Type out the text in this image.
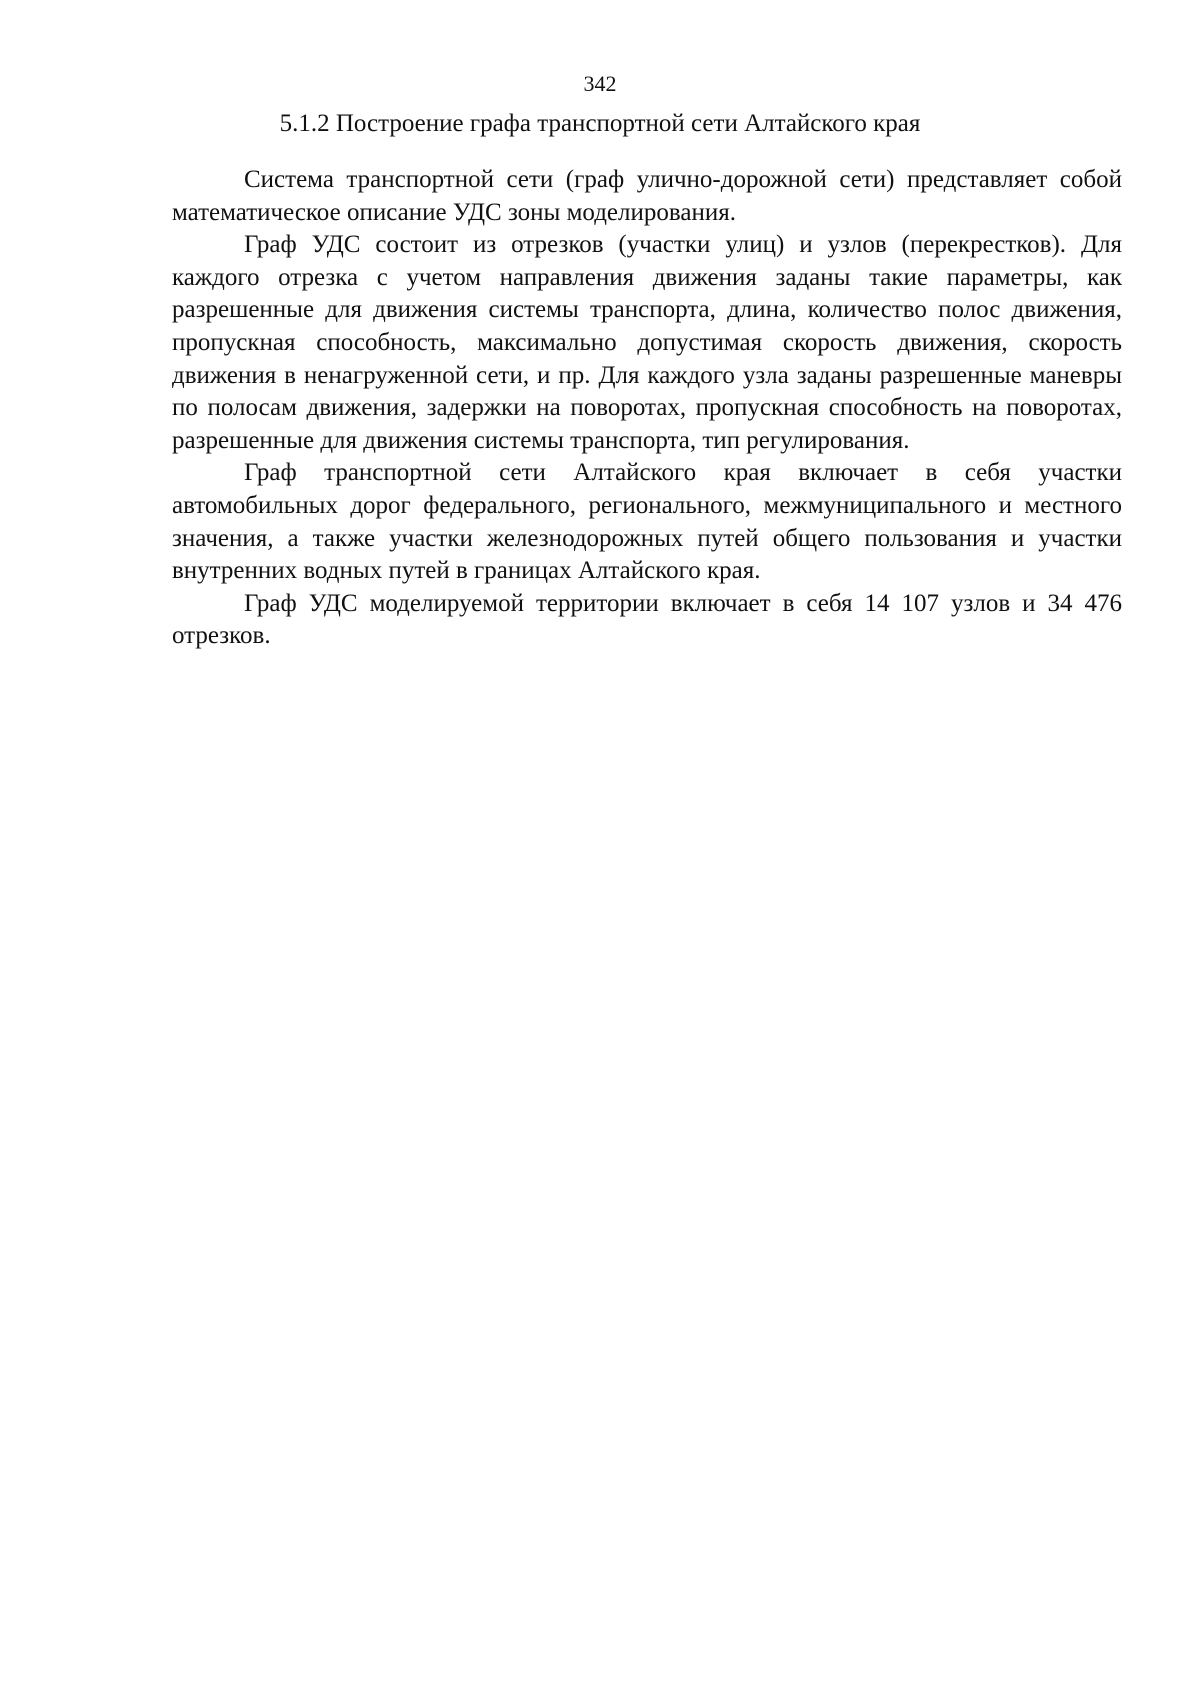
342
5.1.2 Построение графа транспортной сети Алтайского края

Система транспортной сети (граф улично-дорожной сети) представляет собой математическое описание УДС зоны моделирования.

Граф УДС состоит из отрезков (участки улиц) и узлов (перекрестков). Для каждого отрезка с учетом направления движения заданы такие параметры, как разрешенные для движения системы транспорта, длина, количество полос движения, пропускная способность, максимально допустимая скорость движения, скорость движения в ненагруженной сети, и пр. Для каждого узла заданы разрешенные маневры по полосам движения, задержки на поворотах, пропускная способность на поворотах, разрешенные для движения системы транспорта, тип регулирования.

Граф транспортной сети Алтайского края включает в себя участки автомобильных дорог федерального, регионального, межмуниципального и местного значения, а также участки железнодорожных путей общего пользования и участки внутренних водных путей в границах Алтайского края.

Граф УДС моделируемой территории включает в себя 14 107 узлов и 34 476 отрезков.
